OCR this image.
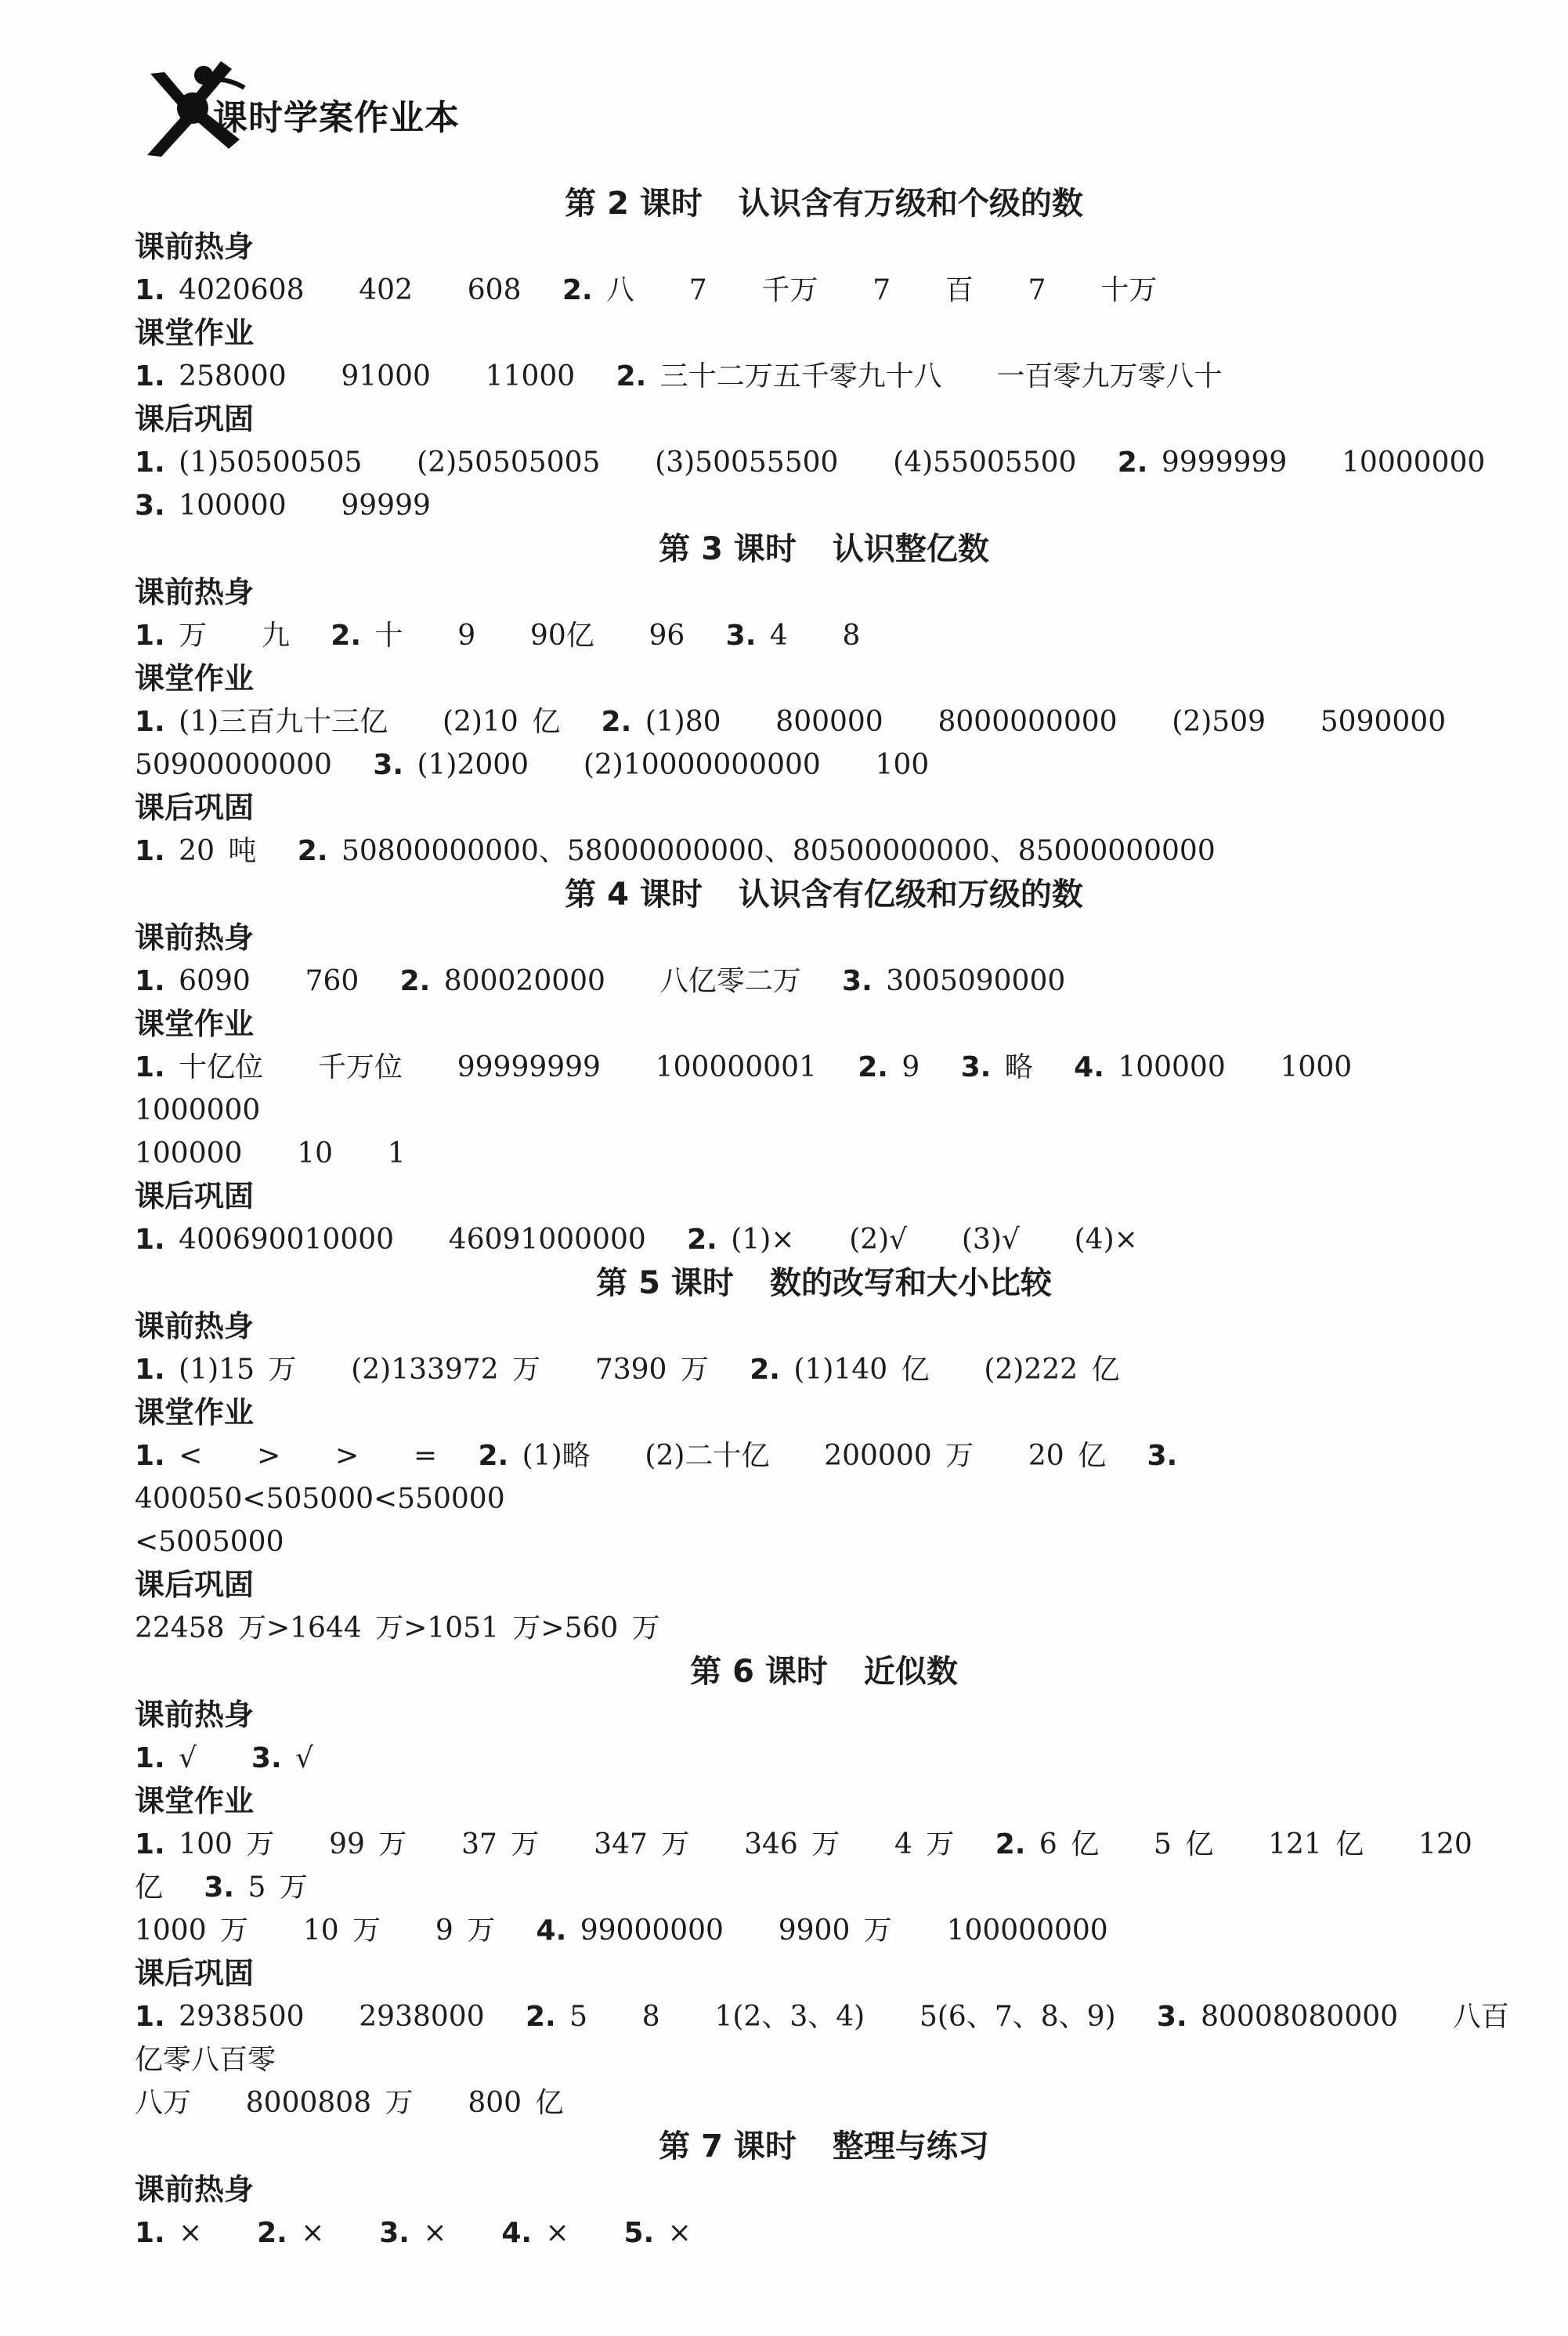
课时学案作业本
第 2 课时 认识含有万级和个级的数
课前热身
1. 4020608    402    608   2. 八    7    千万    7    百    7    十万
课堂作业
1. 258000    91000    11000   2. 三十二万五千零九十八    一百零九万零八十
课后巩固
1. (1)50500505    (2)50505005    (3)50055500    (4)55005500   2. 9999999    10000000
3. 100000    99999
第 3 课时 认识整亿数
课前热身
1. 万    九   2. 十    9    90亿    96   3. 4    8
课堂作业
1. (1)三百九十三亿    (2)10 亿   2. (1)80    800000    8000000000    (2)509    5090000
50900000000   3. (1)2000    (2)10000000000    100
课后巩固
1. 20 吨   2. 50800000000、58000000000、80500000000、85000000000
第 4 课时 认识含有亿级和万级的数
课前热身
1. 6090    760   2. 800020000    八亿零二万   3. 3005090000
课堂作业
1. 十亿位    千万位    99999999    100000001   2. 9   3. 略   4. 100000    1000    1000000
100000    10    1
课后巩固
1. 400690010000    46091000000   2. (1)×    (2)√    (3)√    (4)×
第 5 课时 数的改写和大小比较
课前热身
1. (1)15 万    (2)133972 万    7390 万   2. (1)140 亿    (2)222 亿
课堂作业
1. <    >    >    =   2. (1)略    (2)二十亿    200000 万    20 亿   3. 400050<505000<550000
<5005000
课后巩固
22458 万>1644 万>1051 万>560 万
第 6 课时 近似数
课前热身
1. √    3. √
课堂作业
1. 100 万    99 万    37 万    347 万    346 万    4 万   2. 6 亿    5 亿    121 亿    120 亿   3. 5 万
1000 万    10 万    9 万   4. 99000000    9900 万    100000000
课后巩固
1. 2938500    2938000   2. 5    8    1(2、3、4)    5(6、7、8、9)   3. 80008080000    八百亿零八百零
八万    8000808 万    800 亿
第 7 课时 整理与练习
课前热身
1. ×    2. ×    3. ×    4. ×    5. ×
